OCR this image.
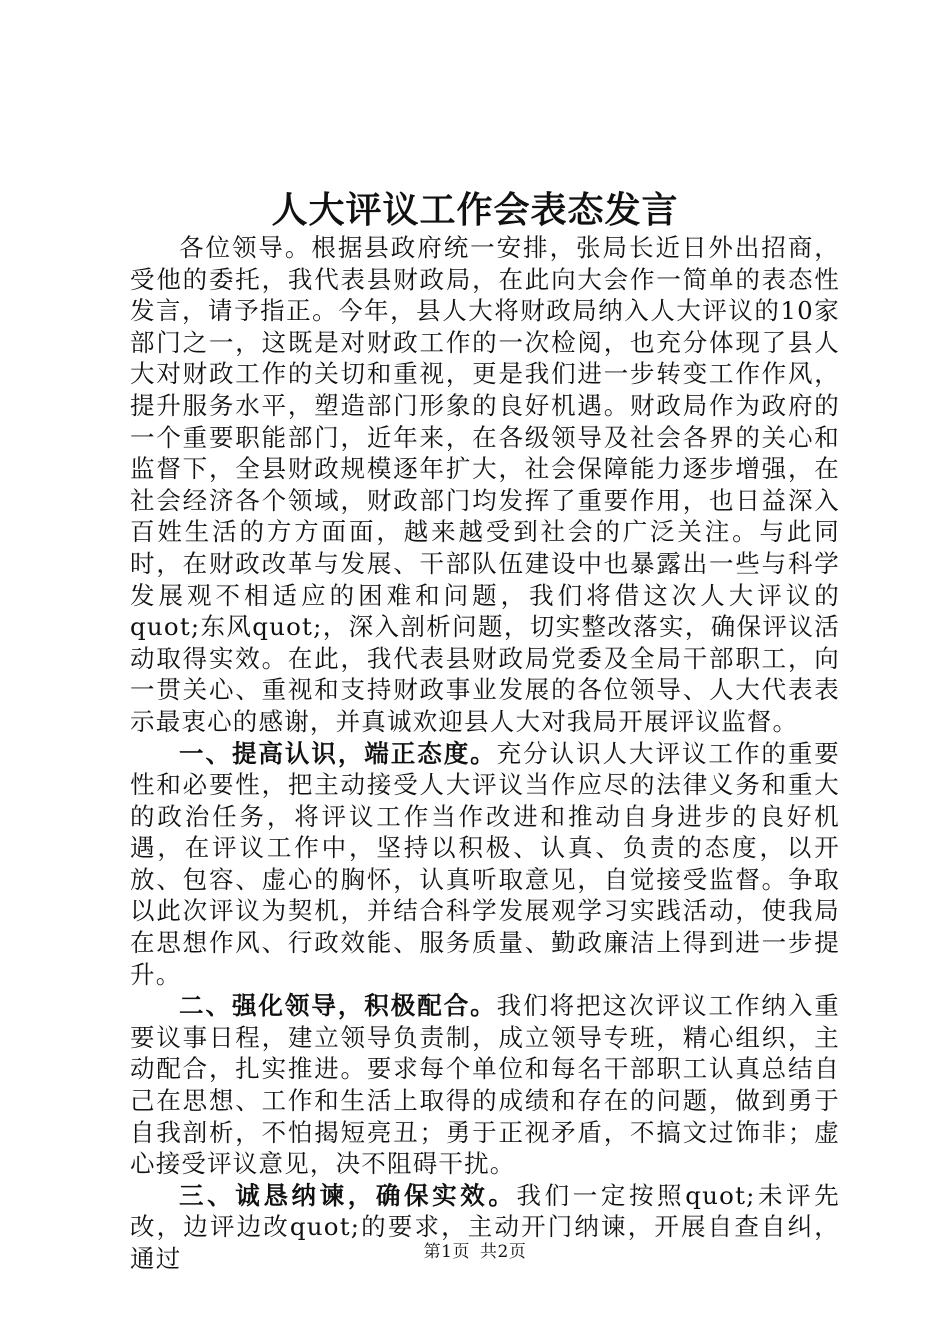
人大评议工作会表态发言

各位领导。根据县政府统一安排，张局长近日外出招商，受他的委托，我代表县财政局，在此向大会作一简单的表态性发言，请予指正。今年，县人大将财政局纳入人大评议的10家部门之一，这既是对财政工作的一次检阅，也充分体现了县人大对财政工作的关切和重视，更是我们进一步转变工作作风，提升服务水平，塑造部门形象的良好机遇。财政局作为政府的一个重要职能部门，近年来，在各级领导及社会各界的关心和监督下，全县财政规模逐年扩大，社会保障能力逐步增强，在社会经济各个领域，财政部门均发挥了重要作用，也日益深入百姓生活的方方面面，越来越受到社会的广泛关注。与此同时，在财政改革与发展、干部队伍建设中也暴露出一些与科学发展观不相适应的困难和问题，我们将借这次人大评议的quot;东风quot;，深入剖析问题，切实整改落实，确保评议活动取得实效。在此，我代表县财政局党委及全局干部职工，向一贯关心、重视和支持财政事业发展的各位领导、人大代表表示最衷心的感谢，并真诚欢迎县人大对我局开展评议监督。

一、提高认识，端正态度。充分认识人大评议工作的重要性和必要性，把主动接受人大评议当作应尽的法律义务和重大的政治任务，将评议工作当作改进和推动自身进步的良好机遇，在评议工作中，坚持以积极、认真、负责的态度，以开放、包容、虚心的胸怀，认真听取意见，自觉接受监督。争取以此次评议为契机，并结合科学发展观学习实践活动，使我局在思想作风、行政效能、服务质量、勤政廉洁上得到进一步提升。

二、强化领导，积极配合。我们将把这次评议工作纳入重要议事日程，建立领导负责制，成立领导专班，精心组织，主动配合，扎实推进。要求每个单位和每名干部职工认真总结自己在思想、工作和生活上取得的成绩和存在的问题，做到勇于自我剖析，不怕揭短亮丑；勇于正视矛盾，不搞文过饰非；虚心接受评议意见，决不阻碍干扰。

三、诚恳纳谏，确保实效。我们一定按照quot;未评先改，边评边改quot;的要求，主动开门纳谏，开展自查自纠，通过	第1页 共2页
